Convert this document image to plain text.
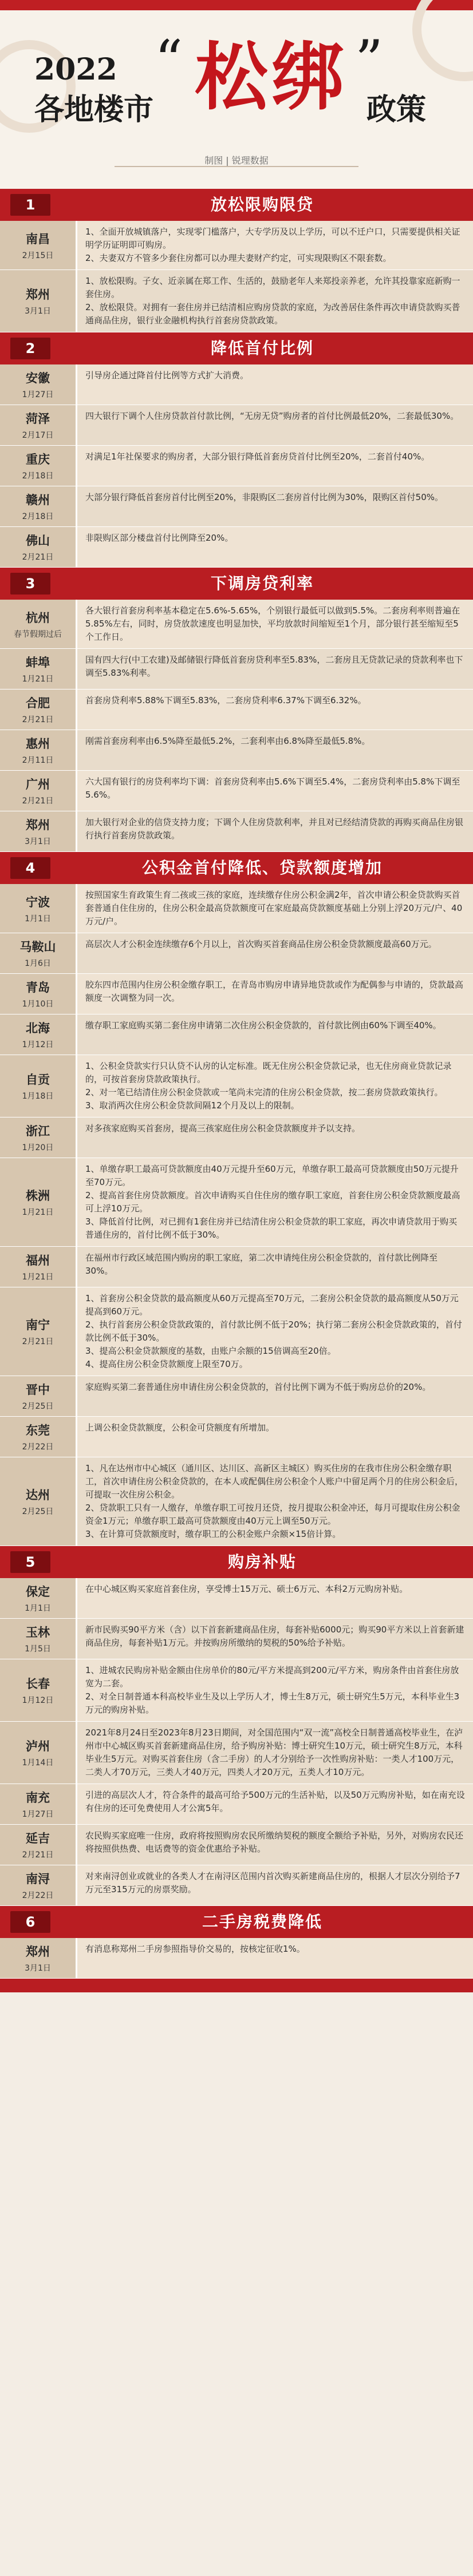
2022
各地楼市
“ 松绑 ”
政策
制图 | 锐理数据
1	放松限购限贷
南昌
2月15日
1、全面开放城镇落户，实现零门槛落户，大专学历及以上学历，可以不迁户口，只需要提供相关证明学历证明即可购房。
2、夫妻双方不管多少套住房都可以办理夫妻财产约定，可实现限购区不限套数。
郑州
3月1日
1、放松限购。子女、近亲属在郑工作、生活的，鼓励老年人来郑投亲养老，允许其投靠家庭新购一套住房。
2、放松限贷。对拥有一套住房并已结清相应购房贷款的家庭，为改善居住条件再次申请贷款购买普通商品住房，银行业金融机构执行首套房贷款政策。
2	降低首付比例
安徽
1月27日
引导房企通过降首付比例等方式扩大消费。
菏泽
2月17日
四大银行下调个人住房贷款首付款比例，“无房无贷”购房者的首付比例最低20%，二套最低30%。
重庆
2月18日
对满足1年社保要求的购房者，大部分银行降低首套房贷首付比例至20%，二套首付40%。
赣州
2月18日
大部分银行降低首套房首付比例至20%，非限购区二套房首付比例为30%，限购区首付50%。
佛山
2月21日
非限购区部分楼盘首付比例降至20%。
3	下调房贷利率
杭州
春节假期过后
各大银行首套房利率基本稳定在5.6%-5.65%，个别银行最低可以做到5.5%。二套房利率则普遍在5.85%左右，同时，房贷放款速度也明显加快，平均放款时间缩短至1个月，部分银行甚至缩短至5个工作日。
蚌埠
1月21日
国有四大行(中工农建)及邮储银行降低首套房贷利率至5.83%，二套房且无贷款记录的贷款利率也下调至5.83%利率。
合肥
2月21日
首套房贷利率5.88%下调至5.83%，二套房贷利率6.37%下调至6.32%。
惠州
2月11日
刚需首套房利率由6.5%降至最低5.2%，二套利率由6.8%降至最低5.8%。
广州
2月21日
六大国有银行的房贷利率均下调：首套房贷利率由5.6%下调至5.4%，二套房贷利率由5.8%下调至5.6%。
郑州
3月1日
加大银行对企业的信贷支持力度；下调个人住房贷款利率，并且对已经结清贷款的再购买商品住房银行执行首套房贷款政策。
4	公积金首付降低、贷款额度增加
宁波
1月1日
按照国家生育政策生育二孩或三孩的家庭，连续缴存住房公积金满2年，首次申请公积金贷款购买首套普通自住住房的，住房公积金最高贷款额度可在家庭最高贷款额度基础上分别上浮20万元/户、40万元/户。
马鞍山
1月6日
高层次人才公积金连续缴存6个月以上，首次购买首套商品住房公积金贷款额度最高60万元。
青岛
1月10日
胶东四市范围内住房公积金缴存职工，在青岛市购房申请异地贷款或作为配偶参与申请的，贷款最高额度一次调整为同一次。
北海
1月12日
缴存职工家庭购买第二套住房申请第二次住房公积金贷款的，首付款比例由60%下调至40%。
自贡
1月18日
1、公积金贷款实行只认贷不认房的认定标准。既无住房公积金贷款记录，也无住房商业贷款记录的，可按首套房贷款政策执行。
2、对一笔已结清住房公积金贷款或一笔尚未完清的住房公积金贷款，按二套房贷款政策执行。
3、取消两次住房公积金贷款间隔12个月及以上的限制。
浙江
1月20日
对多孩家庭购买首套房，提高三孩家庭住房公积金贷款额度并予以支持。
株洲
1月21日
1、单缴存职工最高可贷款额度由40万元提升至60万元，单缴存职工最高可贷款额度由50万元提升至70万元。
2、提高首套住房贷款额度。首次申请购买自住住房的缴存职工家庭，首套住房公积金贷款额度最高可上浮10万元。
3、降低首付比例，对已拥有1套住房并已结清住房公积金贷款的职工家庭，再次申请贷款用于购买普通住房的，首付比例不低于30%。
福州
1月21日
在福州市行政区域范围内购房的职工家庭，第二次申请纯住房公积金贷款的，首付款比例降至30%。
南宁
2月21日
1、首套房公积金贷款的最高额度从60万元提高至70万元，二套房公积金贷款的最高额度从50万元提高到60万元。
2、执行首套房公积金贷款政策的，首付款比例不低于20%；执行第二套房公积金贷款政策的，首付款比例不低于30%。
3、提高公积金贷款额度的基数，由账户余额的15倍调高至20倍。
4、提高住房公积金贷款额度上限至70万。
晋中
2月25日
家庭购买第二套普通住房申请住房公积金贷款的，首付比例下调为不低于购房总价的20%。
东莞
2月22日
上调公积金贷款额度，公积金可贷额度有所增加。
达州
2月25日
1、凡在达州市中心城区（通川区、达川区、高新区主城区）购买住房的在我市住房公积金缴存职工，首次申请住房公积金贷款的，在本人或配偶住房公积金个人账户中留足两个月的住房公积金后，可提取一次住房公积金。
2、贷款职工只有一人缴存，单缴存职工可按月还贷，按月提取公积金冲还，每月可提取住房公积金资金1万元；单缴存职工最高可贷款额度由40万元上调至50万元。
3、在计算可贷款额度时，缴存职工的公积金账户余额×15倍计算。
5	购房补贴
保定
1月1日
在中心城区购买家庭首套住房，享受博士15万元、硕士6万元、本科2万元购房补贴。
玉林
1月5日
新市民购买90平方米（含）以下首套新建商品住房，每套补贴6000元；购买90平方米以上首套新建商品住房，每套补贴1万元。并按购房所缴纳的契税的50%给予补贴。
长春
1月12日
1、进城农民购房补贴金额由住房单价的80元/平方米提高到200元/平方米，购房条件由首套住房放宽为二套。
2、对全日制普通本科高校毕业生及以上学历人才，博士生8万元，硕士研究生5万元，本科毕业生3万元的购房补贴。
泸州
1月14日
2021年8月24日至2023年8月23日期间，对全国范围内“双一流”高校全日制普通高校毕业生，在泸州市中心城区购买首套新建商品住房，给予购房补贴：博士研究生10万元，硕士研究生8万元，本科毕业生5万元。对购买首套住房（含二手房）的人才分别给予一次性购房补贴：一类人才100万元，二类人才70万元，三类人才40万元，四类人才20万元，五类人才10万元。
南充
1月27日
引进的高层次人才，符合条件的最高可给予500万元的生活补贴，以及50万元购房补贴，如在南充设有住房的还可免费使用人才公寓5年。
延吉
2月21日
农民购买家庭唯一住房，政府将按照购房农民所缴纳契税的额度全额给予补贴，另外，对购房农民还将按照供热费、电话费等的资金优惠给予补贴。
南浔
2月22日
对来南浔创业或就业的各类人才在南浔区范围内首次购买新建商品住房的，根据人才层次分别给予7万元至315万元的房票奖励。
6	二手房税费降低
郑州
3月1日
有消息称郑州二手房参照指导价交易的，按核定征收1%。
